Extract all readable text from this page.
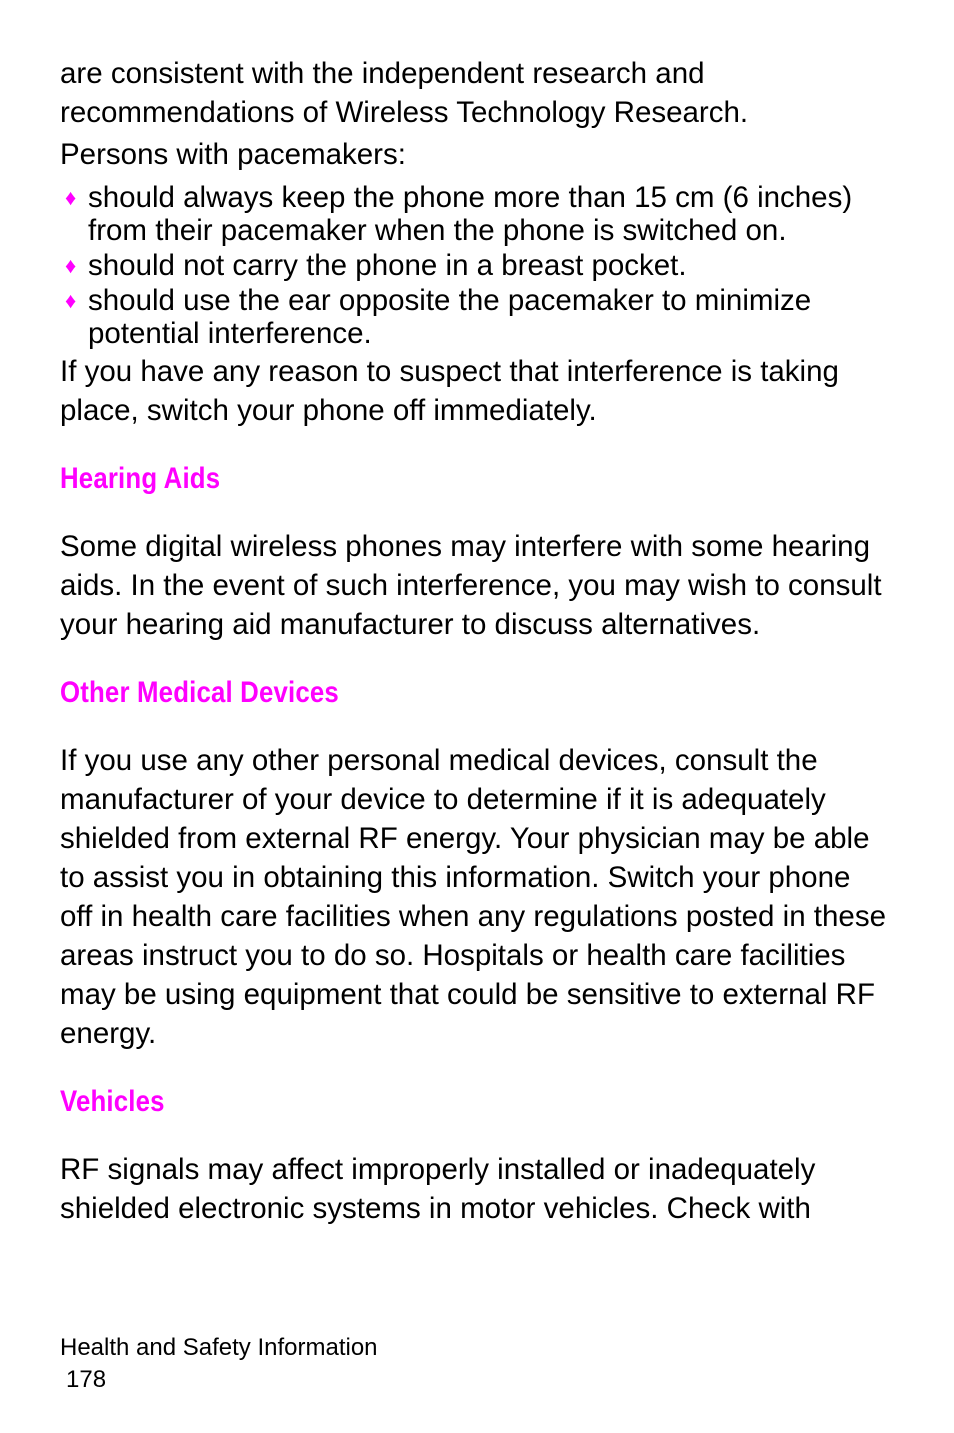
are consistent with the independent research and recommendations of Wireless Technology Research.

Persons with pacemakers:

♦ should always keep the phone more than 15 cm (6 inches) from their pacemaker when the phone is switched on.
♦ should not carry the phone in a breast pocket.
♦ should use the ear opposite the pacemaker to minimize potential interference.

If you have any reason to suspect that interference is taking place, switch your phone off immediately.

Hearing Aids

Some digital wireless phones may interfere with some hearing aids. In the event of such interference, you may wish to consult your hearing aid manufacturer to discuss alternatives.

Other Medical Devices

If you use any other personal medical devices, consult the manufacturer of your device to determine if it is adequately shielded from external RF energy. Your physician may be able to assist you in obtaining this information. Switch your phone off in health care facilities when any regulations posted in these areas instruct you to do so. Hospitals or health care facilities may be using equipment that could be sensitive to external RF energy.

Vehicles

RF signals may affect improperly installed or inadequately shielded electronic systems in motor vehicles. Check with

Health and Safety Information
178
